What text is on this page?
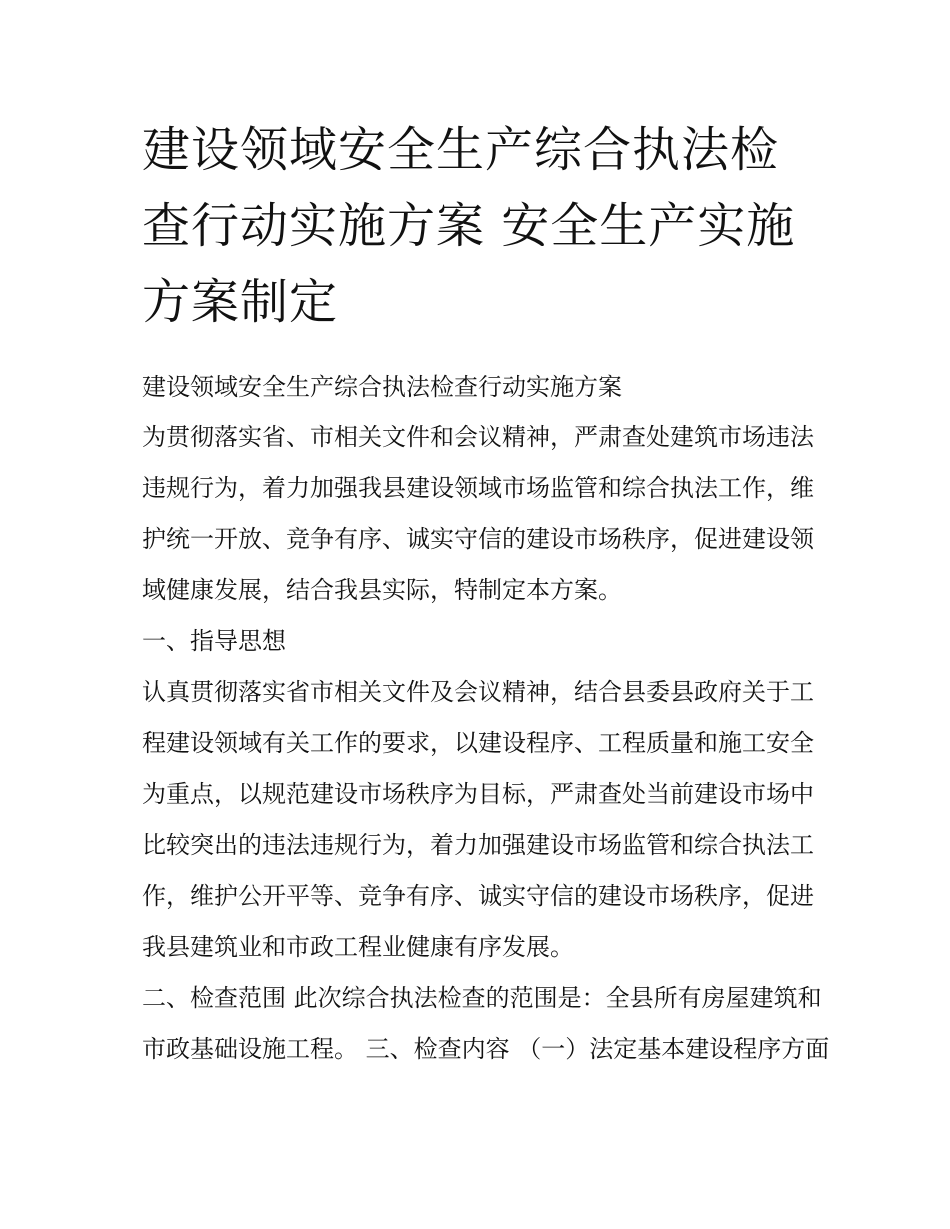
建设领域安全生产综合执法检查行动实施方案 安全生产实施方案制定

建设领域安全生产综合执法检查行动实施方案

为贯彻落实省、市相关文件和会议精神，严肃查处建筑市场违法违规行为，着力加强我县建设领域市场监管和综合执法工作，维护统一开放、竞争有序、诚实守信的建设市场秩序，促进建设领域健康发展，结合我县实际，特制定本方案。

一、指导思想

认真贯彻落实省市相关文件及会议精神，结合县委县政府关于工程建设领域有关工作的要求，以建设程序、工程质量和施工安全为重点，以规范建设市场秩序为目标，严肃查处当前建设市场中比较突出的违法违规行为，着力加强建设市场监管和综合执法工作，维护公开平等、竞争有序、诚实守信的建设市场秩序，促进我县建筑业和市政工程业健康有序发展。

二、检查范围 此次综合执法检查的范围是：全县所有房屋建筑和市政基础设施工程。 三、检查内容 （一）法定基本建设程序方面
